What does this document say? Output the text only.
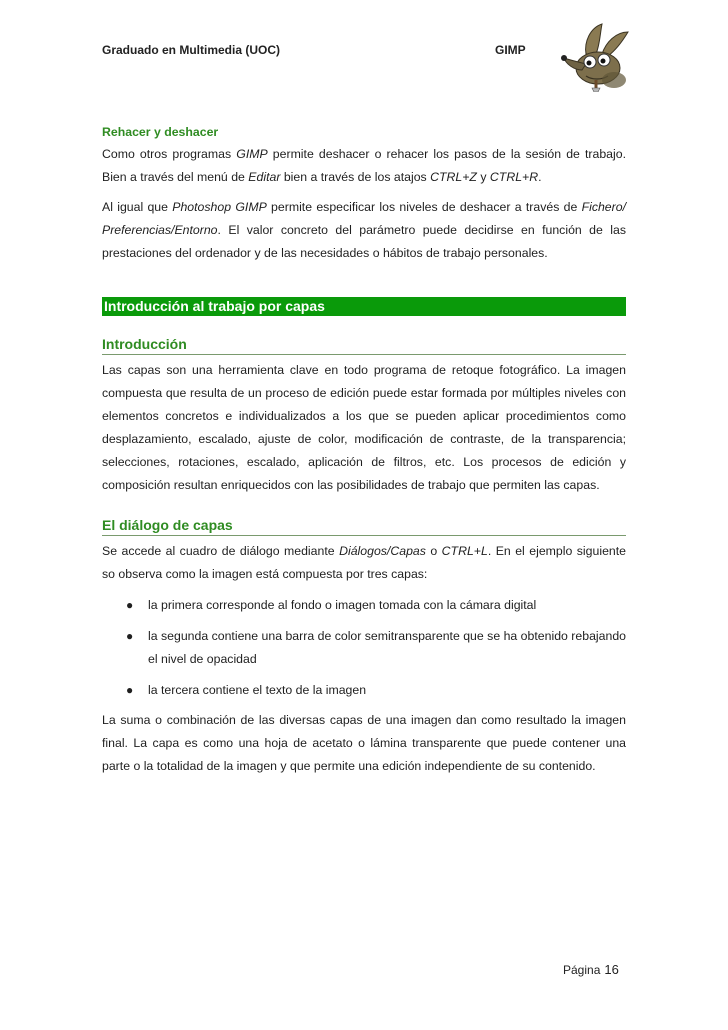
Graduado en Multimedia (UOC)	GIMP
Rehacer y deshacer

Como otros programas GIMP permite deshacer o rehacer los pasos de la sesión de trabajo. Bien a través del menú de Editar bien a través de los atajos CTRL+Z y CTRL+R.

Al igual que Photoshop GIMP permite especificar los niveles de deshacer a través de Fichero/ Preferencias/Entorno. El valor concreto del parámetro puede decidirse en función de las prestaciones del ordenador y de las necesidades o hábitos de trabajo personales.

Introducción al trabajo por capas
Introducción

Las capas son una herramienta clave en todo programa de retoque fotográfico. La imagen compuesta que resulta de un proceso de edición puede estar formada por múltiples niveles con elementos concretos e individualizados a los que se pueden aplicar procedimientos como desplazamiento, escalado, ajuste de color, modificación de contraste, de la transparencia; selecciones, rotaciones, escalado, aplicación de filtros, etc. Los procesos de edición y composición resultan enriquecidos con las posibilidades de trabajo que permiten las capas.

El diálogo de capas

Se accede al cuadro de diálogo mediante Diálogos/Capas o CTRL+L. En el ejemplo siguiente so observa como la imagen está compuesta por tres capas:

● la primera corresponde al fondo o imagen tomada con la cámara digital
● la segunda contiene una barra de color semitransparente que se ha obtenido rebajando el nivel de opacidad
● la tercera contiene el texto de la imagen

La suma o combinación de las diversas capas de una imagen dan como resultado la imagen final. La capa es como una hoja de acetato o lámina transparente que puede contener una parte o la totalidad de la imagen y que permite una edición independiente de su contenido.

Página 16
